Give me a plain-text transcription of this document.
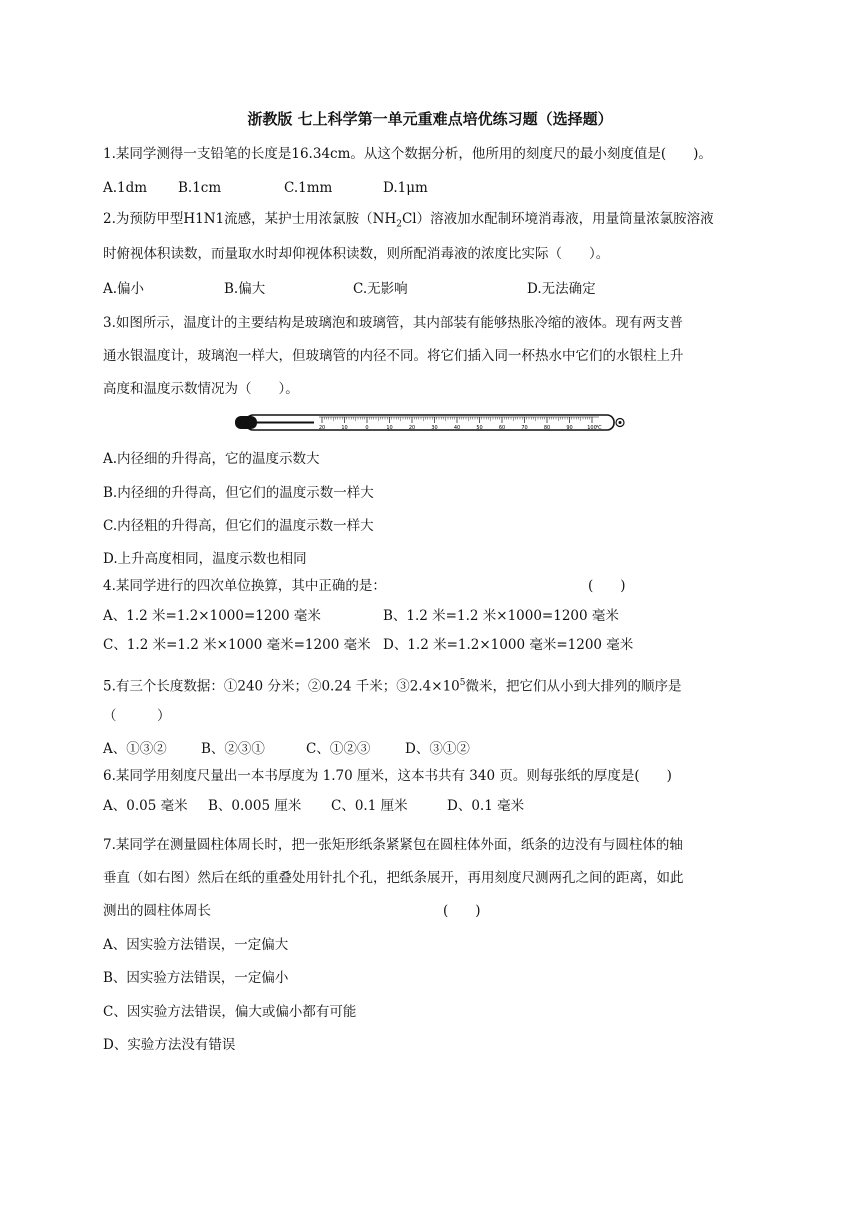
浙教版 七上科学第一单元重难点培优练习题（选择题）
1.某同学测得一支铅笔的长度是16.34cm。从这个数据分析，他所用的刻度尺的最小刻度值是(　　)。
A.1dm B.1cm	C.1mm	D.1μm
2.为预防甲型H1N1流感，某护士用浓氯胺$(NH_2Cl)$溶液加水配制环境消毒液，用量筒量浓氯胺溶液
时俯视体积读数，而量取水时却仰视体积读数，则所配消毒液的浓度比实际（　　）。
A.偏小	B.偏大	C.无影响	D.无法确定
3.如图所示，温度计的主要结构是玻璃泡和玻璃管，其内部装有能够热胀冷缩的液体。现有两支普
通水银温度计，玻璃泡一样大，但玻璃管的内径不同。将它们插入同一杯热水中它们的水银柱上升
高度和温度示数情况为（　　）。
20	10	0	10	20	30	40	50	60	70	80	90	100 ℃
A.内径细的升得高，它的温度示数大
B.内径细的升得高，但它们的温度示数一样大
C.内径粗的升得高，但它们的温度示数一样大
D.上升高度相同，温度示数也相同
4.某同学进行的四次单位换算，其中正确的是：	(　　)
A、1.2 米=1.2×1000=1200 毫米	B、1.2 米=1.2 米×1000=1200 毫米
C、1.2 米=1.2 米×1000 毫米=1200 毫米 D、1.2 米=1.2×1000 毫米=1200 毫米
5.有三个长度数据：①240 分米；②0.24 千米；$③2.4\times 10^5$微米，把它们从小到大排列的顺序是
（　　　）
A、①③②	B、②③①	C、①②③	D、③①②
6.某同学用刻度尺量出一本书厚度为 1.70 厘米，这本书共有 340 页。则每张纸的厚度是(　　)
A、0.05 毫米 B、0.005 厘米 C、0.1 厘米	D、0.1 毫米
7.某同学在测量圆柱体周长时，把一张矩形纸条紧紧包在圆柱体外面，纸条的边没有与圆柱体的轴
垂直（如右图）然后在纸的重叠处用针扎个孔，把纸条展开，再用刻度尺测两孔之间的距离，如此
测出的圆柱体周长	(　　)
A、因实验方法错误，一定偏大
B、因实验方法错误，一定偏小
C、因实验方法错误，偏大或偏小都有可能
D、实验方法没有错误
